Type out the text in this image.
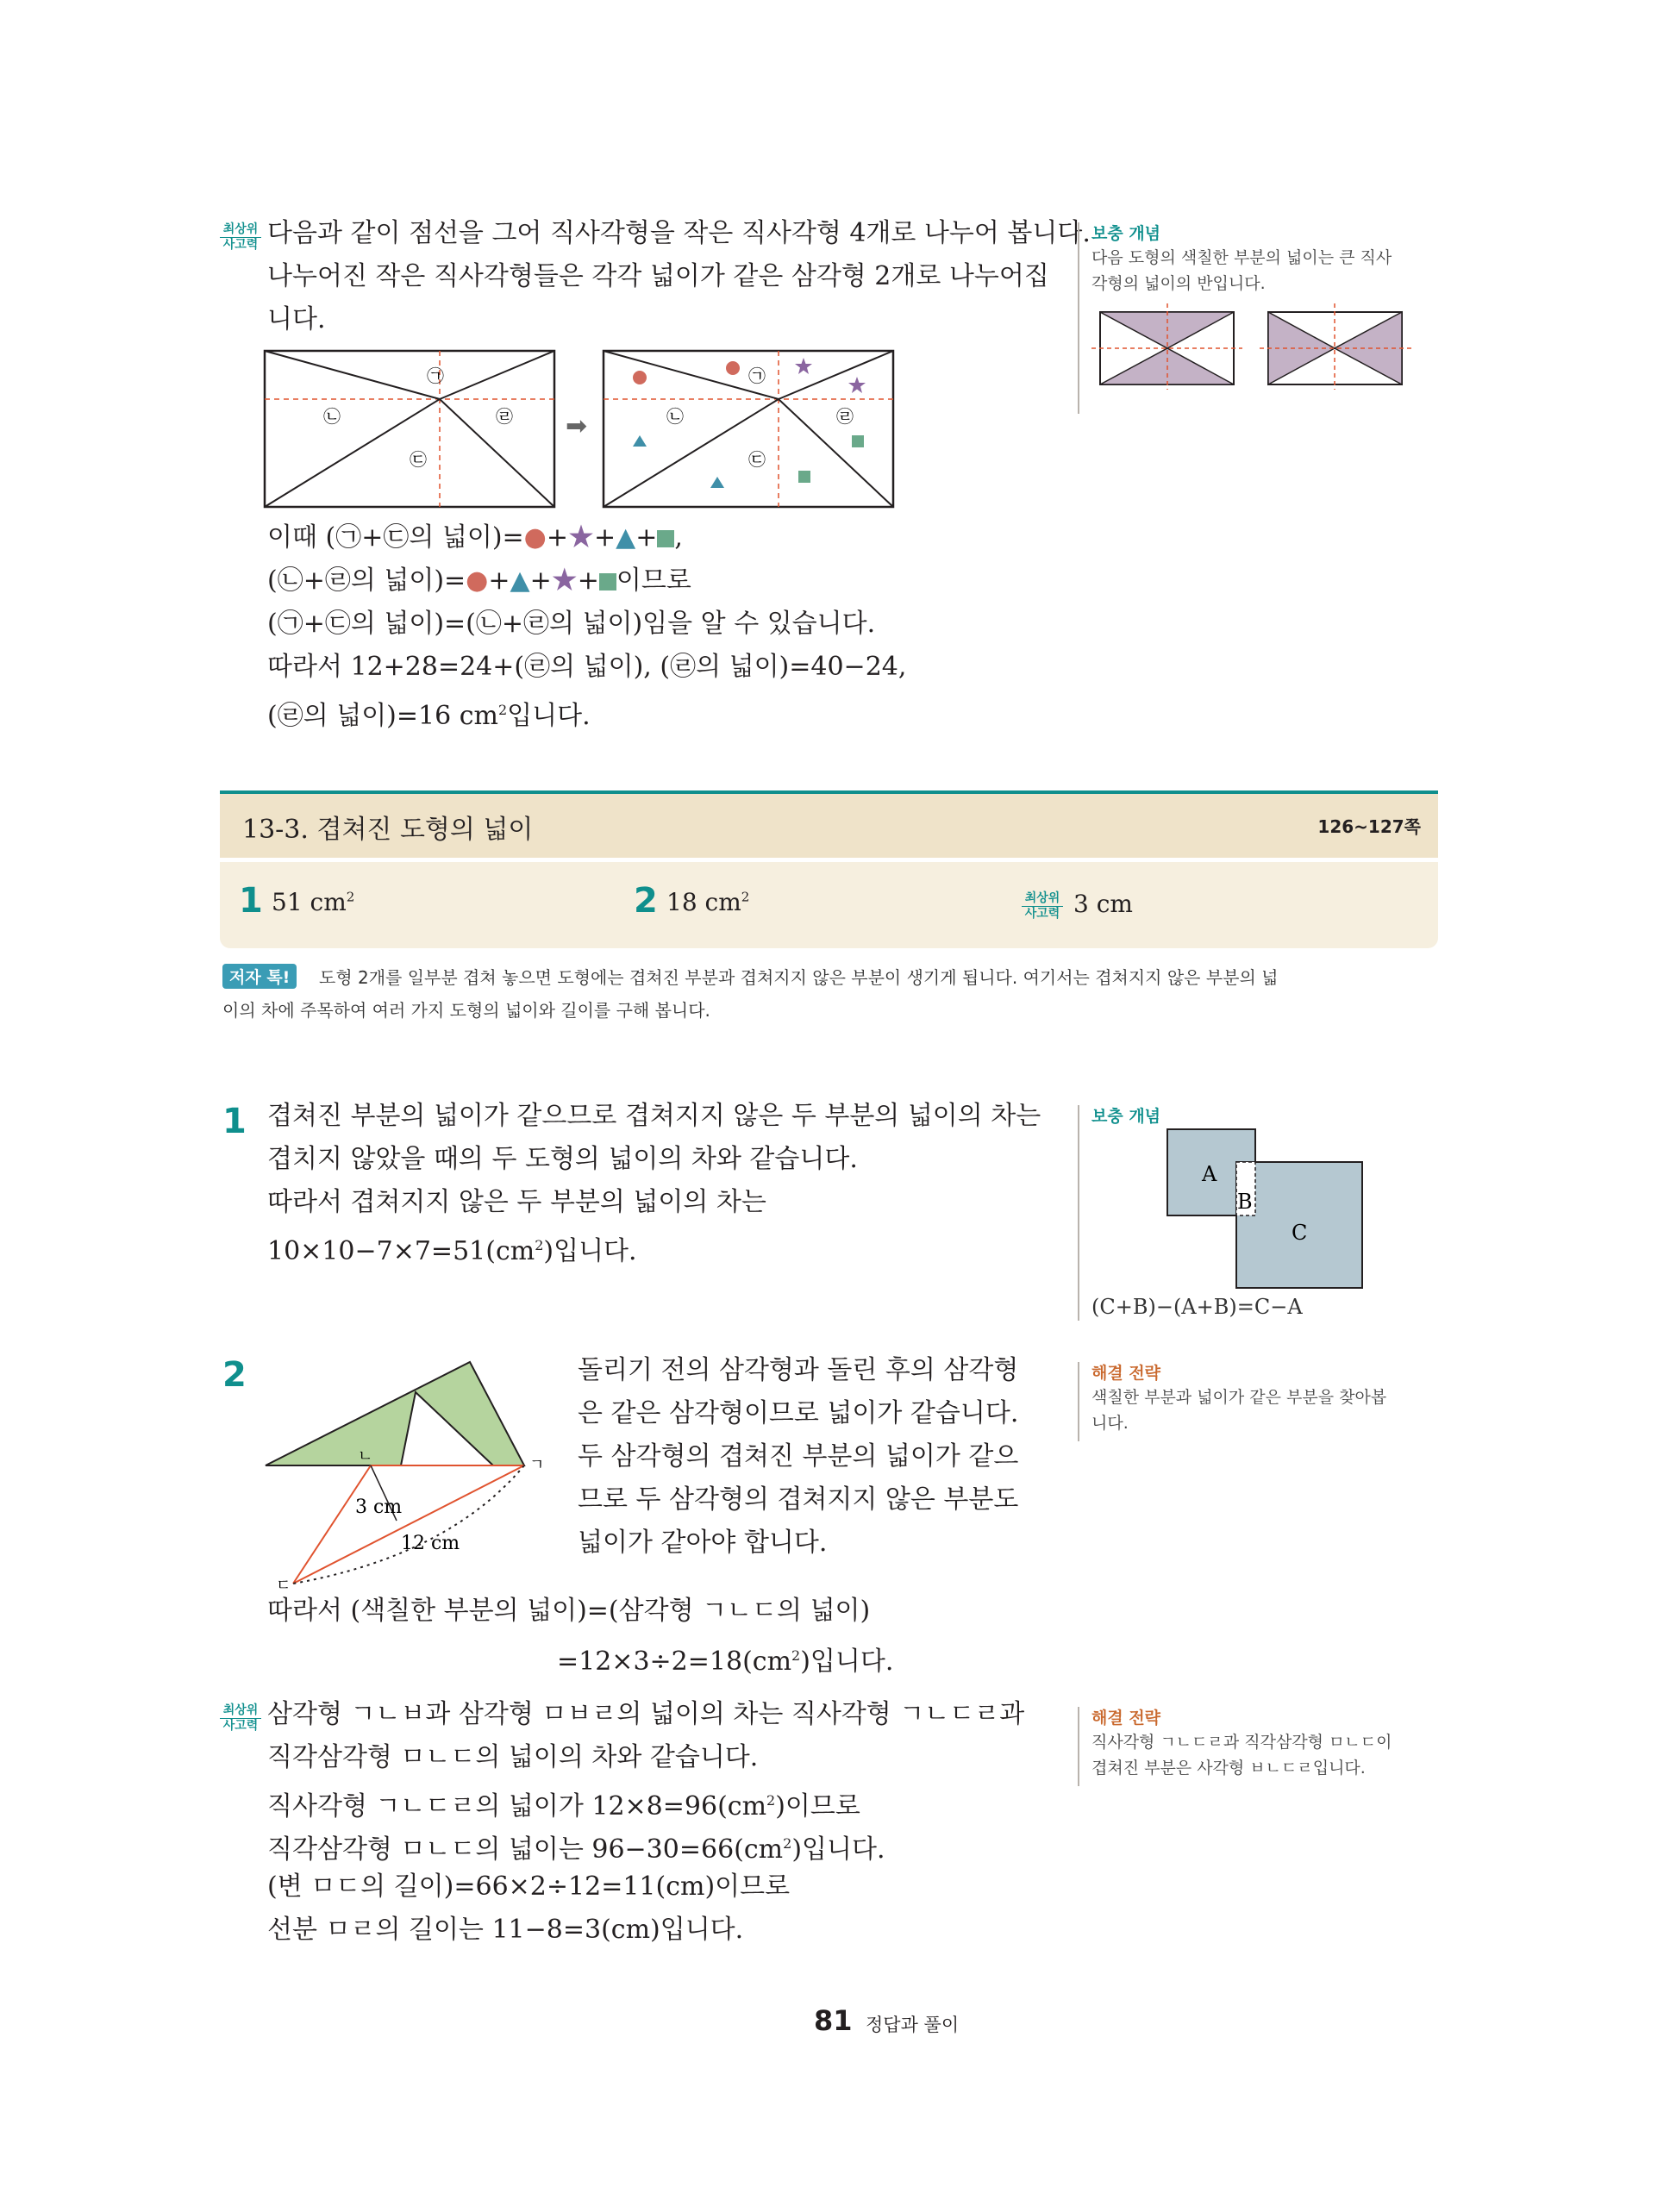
최상위
사고력 다음과 같이 점선을 그어 직사각형을 작은 직사각형 4개로 나누어 봅니다.
나누어진 작은 직사각형들은 각각 넓이가 같은 삼각형 2개로 나누어집
니다.
㉠
㉡	㉣
㉢
➡
㉠
㉡	㉣
㉢
이때 (㉠+㉢의 넓이)=●+★+▲+ ,
(㉡+㉣의 넓이)=●+▲+★+ 이므로
(㉠+㉢의 넓이)=(㉡+㉣의 넓이)임을 알 수 있습니다.
따라서 12+28=24+(㉣의 넓이), (㉣의 넓이)=40−24,
(㉣의 넓이)=16 $cm^2$입니다.
보충 개념
다음 도형의 색칠한 부분의 넓이는 큰 직사
각형의 넓이의 반입니다.
13-3. 겹쳐진 도형의 넓이	126~127쪽
1 51 $cm^2$	2 18 $cm^2$	최상위
사고력 3 cm
저자 톡!	도형 2개를 일부분 겹쳐 놓으면 도형에는 겹쳐진 부분과 겹쳐지지 않은 부분이 생기게 됩니다. 여기서는 겹쳐지지 않은 부분의 넓
이의 차에 주목하여 여러 가지 도형의 넓이와 길이를 구해 봅니다.
1 겹쳐진 부분의 넓이가 같으므로 겹쳐지지 않은 두 부분의 넓이의 차는
겹치지 않았을 때의 두 도형의 넓이의 차와 같습니다.
따라서 겹쳐지지 않은 두 부분의 넓이의 차는
$10\times 10-7\times 7=51(cm^2)$입니다.
보충 개념
A
B
C
(C+B)−(A+B)=C−A
2
ㄴ	ㄱ
ㄷ
3 cm
12 cm
돌리기 전의 삼각형과 돌린 후의 삼각형
은 같은 삼각형이므로 넓이가 같습니다.
두 삼각형의 겹쳐진 부분의 넓이가 같으
므로 두 삼각형의 겹쳐지지 않은 부분도
넓이가 같아야 합니다.
따라서 (색칠한 부분의 넓이)=(삼각형 ㄱㄴㄷ의 넓이)
$=12\times 3\div 2=18(cm^2)$입니다.
해결 전략
색칠한 부분과 넓이가 같은 부분을 찾아봅
니다.
최상위
사고력 삼각형 ㄱㄴㅂ과 삼각형 ㅁㅂㄹ의 넓이의 차는 직사각형 ㄱㄴㄷㄹ과
직각삼각형 ㅁㄴㄷ의 넓이의 차와 같습니다.
직사각형 ㄱㄴㄷㄹ의 넓이가 $12\times 8=96(cm^2)$이므로
직각삼각형 ㅁㄴㄷ의 넓이는 $96-30=66(cm^2)$입니다.
(변 ㅁㄷ의 길이)=66×2÷12=11(cm)이므로
선분 ㅁㄹ의 길이는 11−8=3(cm)입니다.
해결 전략
직사각형 ㄱㄴㄷㄹ과 직각삼각형 ㅁㄴㄷ이
겹쳐진 부분은 사각형 ㅂㄴㄷㄹ입니다.
81 정답과 풀이
